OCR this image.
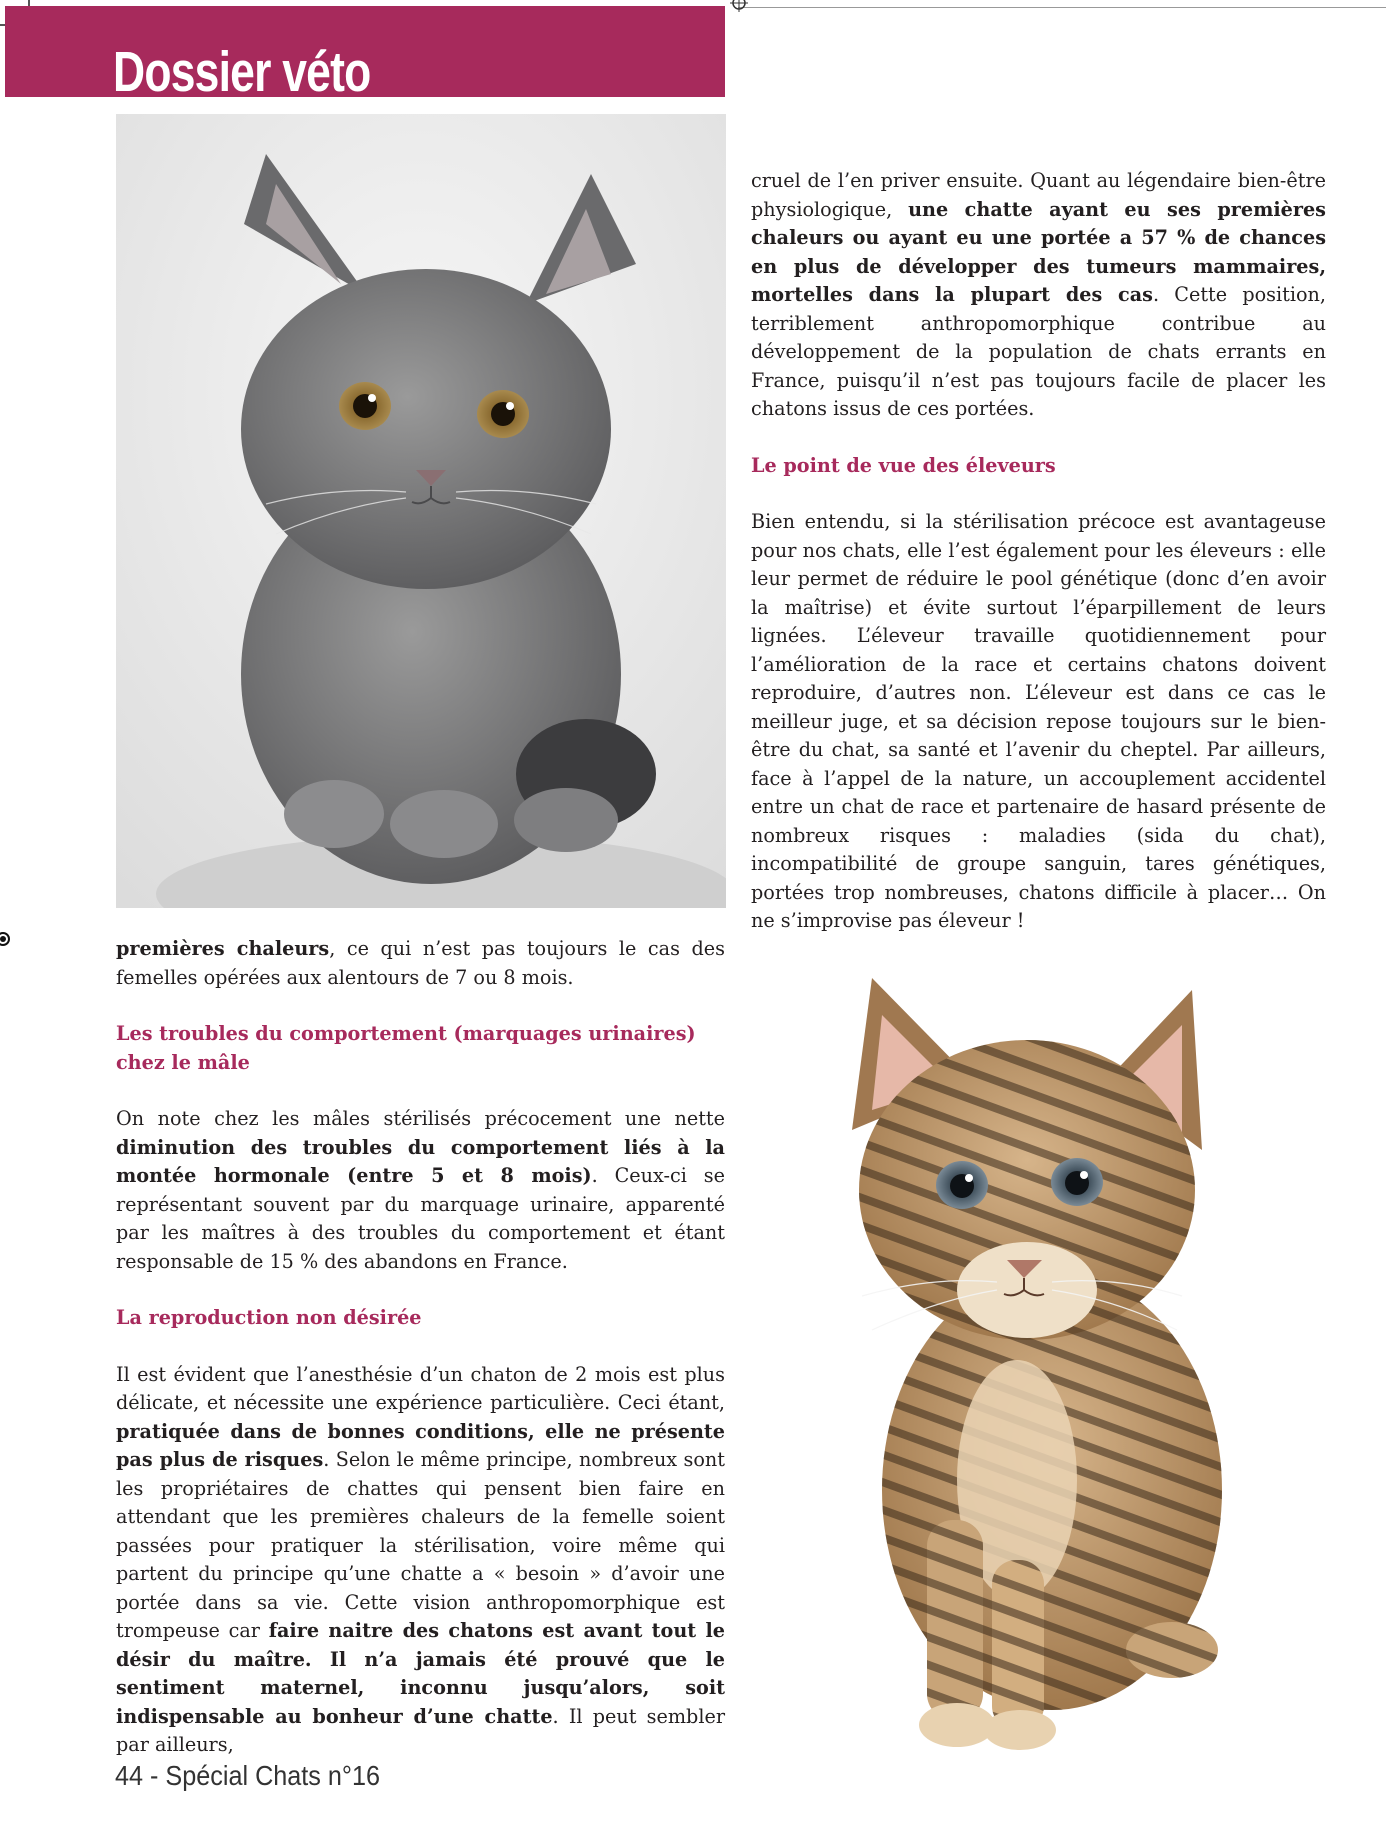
Dossier véto

cruel de l’en priver ensuite. Quant au légendaire bien-être physiologique, une chatte ayant eu ses premières chaleurs ou ayant eu une portée a 57 % de chances en plus de développer des tumeurs mammaires, mortelles dans la plupart des cas. Cette position, terriblement anthropomorphique contribue au développement de la population de chats errants en France, puisqu’il n’est pas toujours facile de placer les chatons issus de ces portées.

Le point de vue des éleveurs

Bien entendu, si la stérilisation précoce est avantageuse pour nos chats, elle l’est également pour les éleveurs : elle leur permet de réduire le pool génétique (donc d’en avoir la maîtrise) et évite surtout l’éparpillement de leurs lignées. L’éleveur travaille quotidiennement pour l’amélioration de la race et certains chatons doivent reproduire, d’autres non. L’éleveur est dans ce cas le meilleur juge, et sa décision repose toujours sur le bien-être du chat, sa santé et l’avenir du cheptel. Par ailleurs, face à l’appel de la nature, un accouplement accidentel entre un chat de race et partenaire de hasard présente de nombreux risques : maladies (sida du chat), incompatibilité de groupe sanguin, tares génétiques, portées trop nombreuses, chatons difficile à placer… On ne s’improvise pas éleveur !

premières chaleurs, ce qui n’est pas toujours le cas des femelles opérées aux alentours de 7 ou 8 mois.

Les troubles du comportement (marquages urinaires) chez le mâle

On note chez les mâles stérilisés précocement une nette diminution des troubles du comportement liés à la montée hormonale (entre 5 et 8 mois). Ceux-ci se représentant souvent par du marquage urinaire, apparenté par les maîtres à des troubles du comportement et étant responsable de 15 % des abandons en France.

La reproduction non désirée

Il est évident que l’anesthésie d’un chaton de 2 mois est plus délicate, et nécessite une expérience particulière. Ceci étant, pratiquée dans de bonnes conditions, elle ne présente pas plus de risques. Selon le même principe, nombreux sont les propriétaires de chattes qui pensent bien faire en attendant que les premières chaleurs de la femelle soient passées pour pratiquer la stérilisation, voire même qui partent du principe qu’une chatte a « besoin » d’avoir une portée dans sa vie. Cette vision anthropomorphique est trompeuse car faire naitre des chatons est avant tout le désir du maître. Il n’a jamais été prouvé que le sentiment maternel, inconnu jusqu’alors, soit indispensable au bonheur d’une chatte. Il peut sembler par ailleurs,

44 - Spécial Chats n°16
